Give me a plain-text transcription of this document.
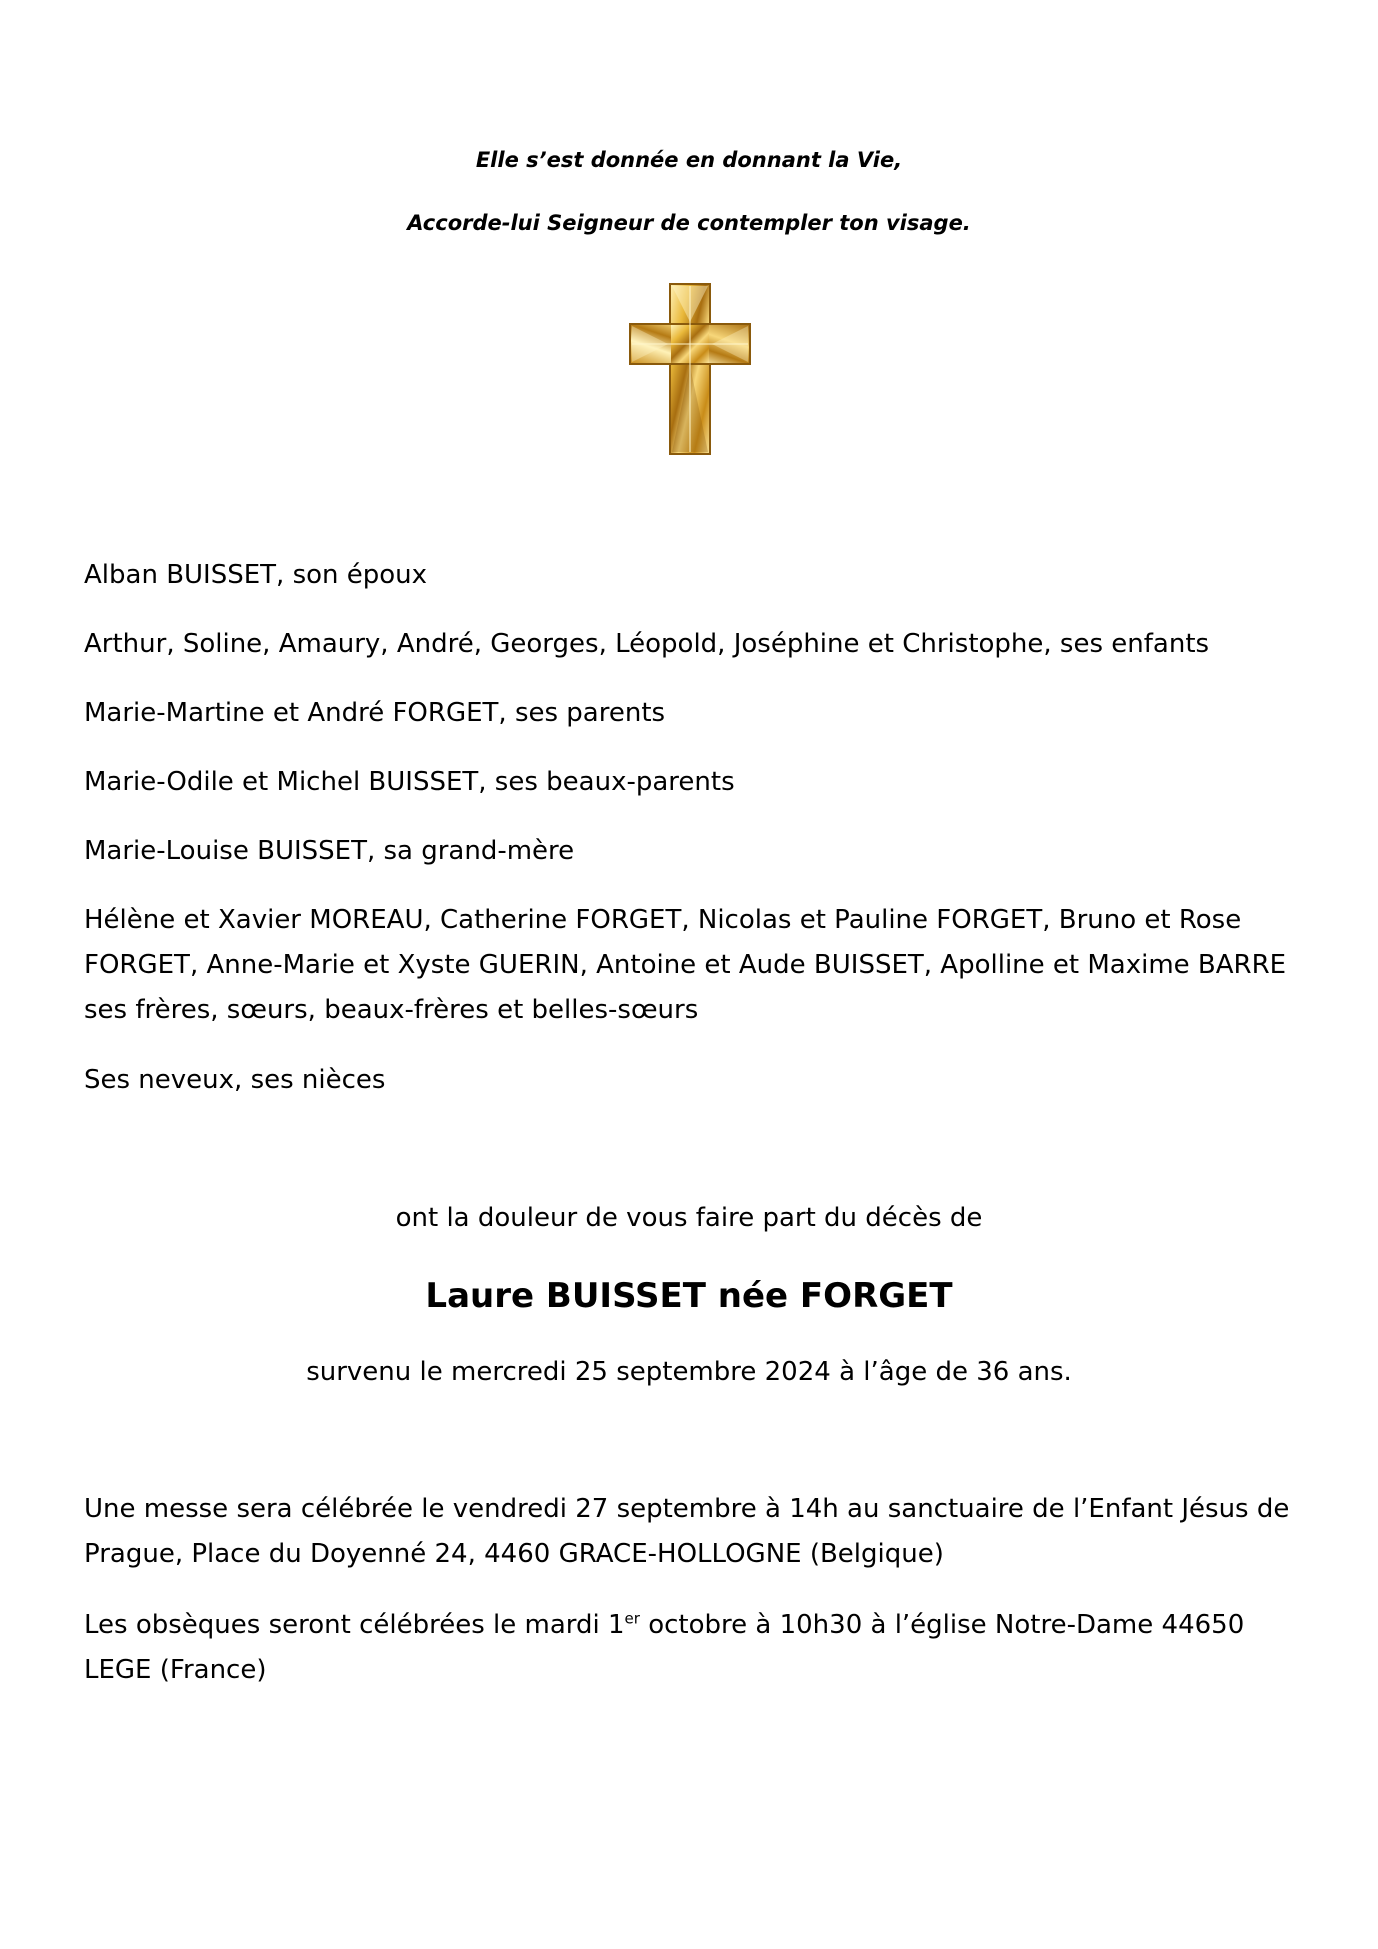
Elle s’est donnée en donnant la Vie,

Accorde-lui Seigneur de contempler ton visage.

Alban BUISSET, son époux

Arthur, Soline, Amaury, André, Georges, Léopold, Joséphine et Christophe, ses enfants

Marie-Martine et André FORGET, ses parents

Marie-Odile et Michel BUISSET, ses beaux-parents

Marie-Louise BUISSET, sa grand-mère

Hélène et Xavier MOREAU, Catherine FORGET, Nicolas et Pauline FORGET, Bruno et Rose FORGET, Anne-Marie et Xyste GUERIN, Antoine et Aude BUISSET, Apolline et Maxime BARRE ses frères, sœurs, beaux-frères et belles-sœurs

Ses neveux, ses nièces

ont la douleur de vous faire part du décès de

Laure BUISSET née FORGET

survenu le mercredi 25 septembre 2024 à l’âge de 36 ans.

Une messe sera célébrée le vendredi 27 septembre à 14h au sanctuaire de l’Enfant Jésus de Prague, Place du Doyenné 24, 4460 GRACE-HOLLOGNE (Belgique)

Les obsèques seront célébrées le mardi 1er octobre à 10h30 à l’église Notre-Dame 44650 LEGE (France)
